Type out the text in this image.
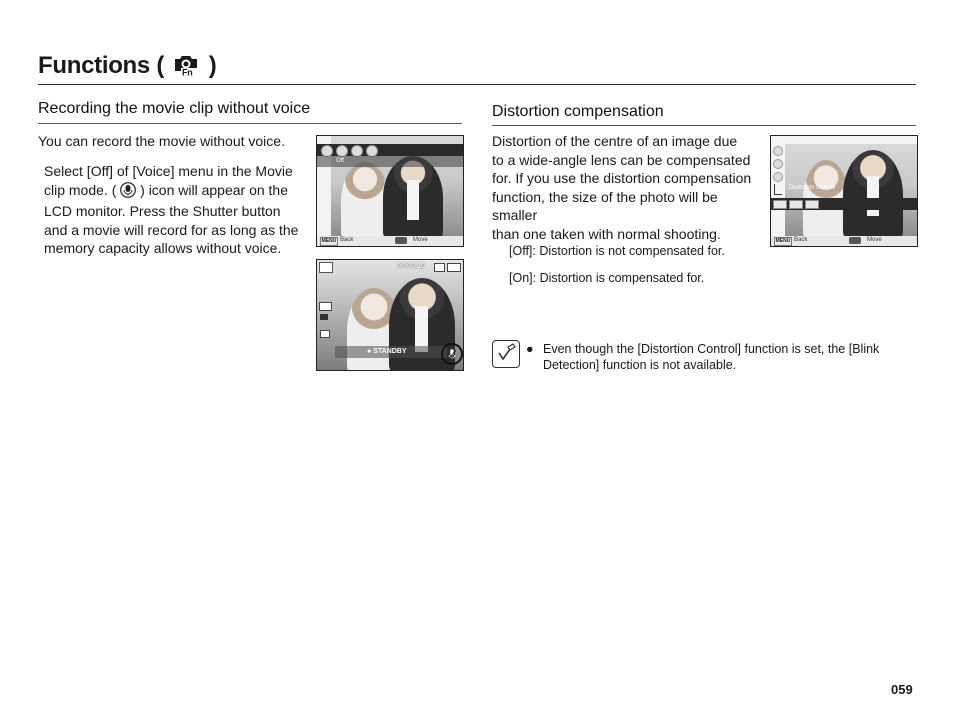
Functions ( Fn )
Recording the movie clip without voice
You can record the movie without voice.
Select [Off] of [Voice] menu in the Movie
clip mode. ( ) icon will appear on the
LCD monitor. Press the Shutter button
and a movie will record for as long as the
memory capacity allows without voice.
Off
MENU Back	Move
00:00:10
● STANDBY
Distortion compensation
Distortion of the centre of an image due
to a wide-angle lens can be compensated
for. If you use the distortion compensation
function, the size of the photo will be smaller
than one taken with normal shooting.
[Off]: Distortion is not compensated for.
[On]: Distortion is compensated for.
Distortion Control
MENU Back	Move
● Even though the [Distortion Control] function is set, the [Blink
Detection] function is not available.
059
